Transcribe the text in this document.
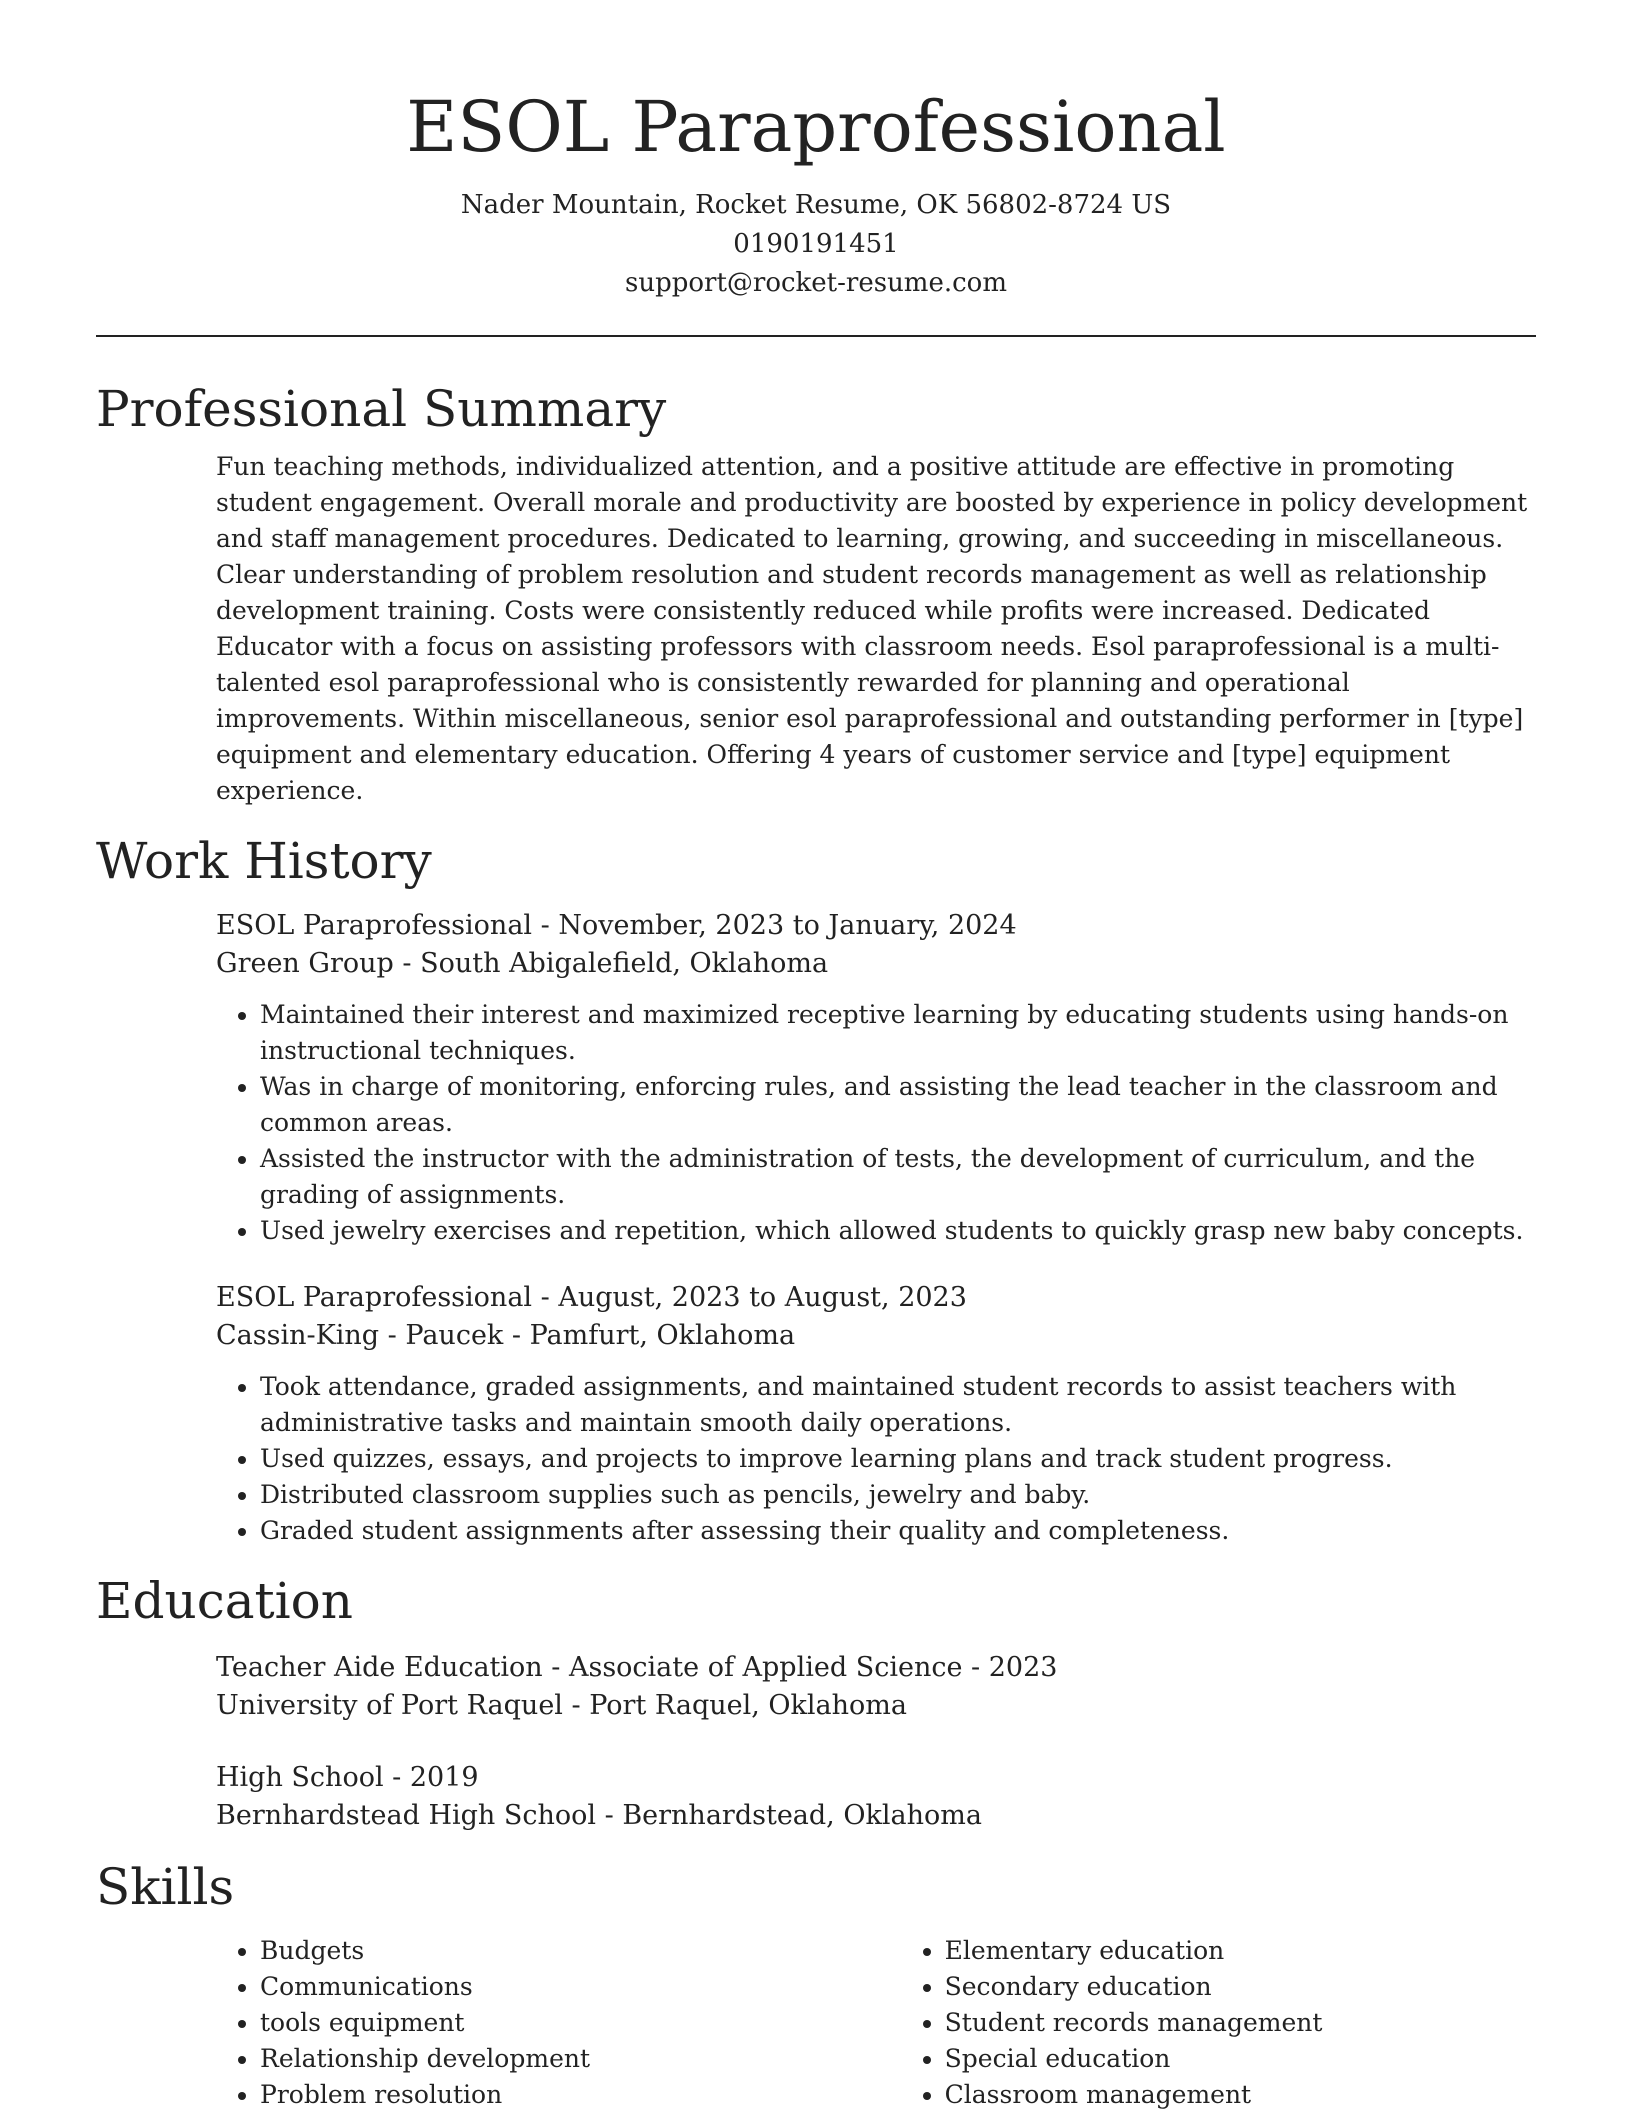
ESOL Paraprofessional
Nader Mountain, Rocket Resume, OK 56802-8724 US
0190191451
support@rocket-resume.com
Professional Summary

Fun teaching methods, individualized attention, and a positive attitude are effective in promoting student engagement. Overall morale and productivity are boosted by experience in policy development and staff management procedures. Dedicated to learning, growing, and succeeding in miscellaneous. Clear understanding of problem resolution and student records management as well as relationship development training. Costs were consistently reduced while profits were increased. Dedicated Educator with a focus on assisting professors with classroom needs. Esol paraprofessional is a multi-talented esol paraprofessional who is consistently rewarded for planning and operational improvements. Within miscellaneous, senior esol paraprofessional and outstanding performer in [type] equipment and elementary education. Offering 4 years of customer service and [type] equipment experience.

Work History
ESOL Paraprofessional - November, 2023 to January, 2024
Green Group - South Abigalefield, Oklahoma
• Maintained their interest and maximized receptive learning by educating students using hands-on instructional techniques.
• Was in charge of monitoring, enforcing rules, and assisting the lead teacher in the classroom and common areas.
• Assisted the instructor with the administration of tests, the development of curriculum, and the grading of assignments.
• Used jewelry exercises and repetition, which allowed students to quickly grasp new baby concepts.
ESOL Paraprofessional - August, 2023 to August, 2023
Cassin-King - Paucek - Pamfurt, Oklahoma
• Took attendance, graded assignments, and maintained student records to assist teachers with administrative tasks and maintain smooth daily operations.
• Used quizzes, essays, and projects to improve learning plans and track student progress.
• Distributed classroom supplies such as pencils, jewelry and baby.
• Graded student assignments after assessing their quality and completeness.
Education
Teacher Aide Education - Associate of Applied Science - 2023
University of Port Raquel - Port Raquel, Oklahoma
High School - 2019
Bernhardstead High School - Bernhardstead, Oklahoma
Skills
• Budgets
• Communications
• tools equipment
• Relationship development
• Problem resolution
• Elementary education
• Secondary education
• Student records management
• Special education
• Classroom management
